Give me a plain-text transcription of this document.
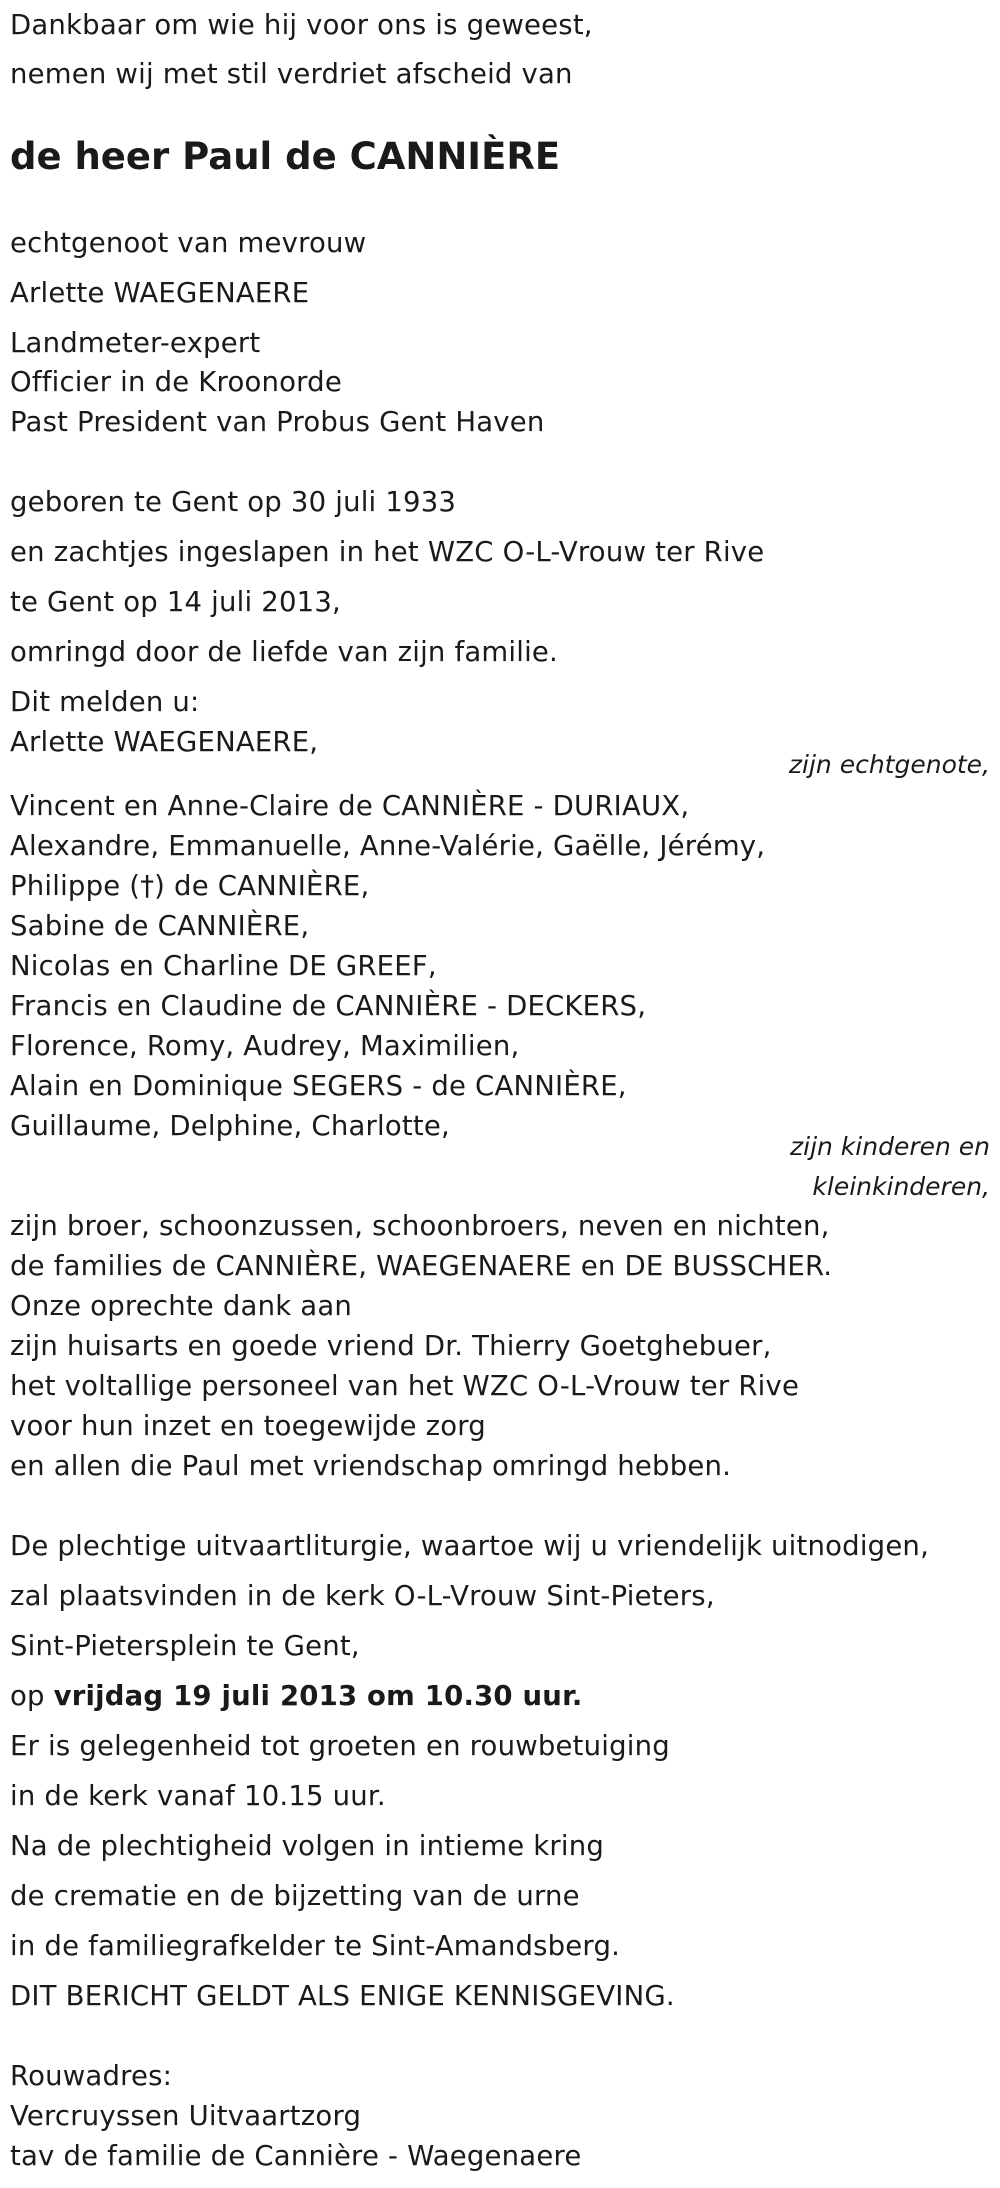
Dankbaar om wie hij voor ons is geweest,
nemen wij met stil verdriet afscheid van
de heer Paul de CANNIÈRE
echtgenoot van mevrouw
Arlette WAEGENAERE
Landmeter-expert
Officier in de Kroonorde
Past President van Probus Gent Haven
geboren te Gent op 30 juli 1933
en zachtjes ingeslapen in het WZC O-L-Vrouw ter Rive
te Gent op 14 juli 2013,
omringd door de liefde van zijn familie.
Dit melden u:
Arlette WAEGENAERE,
zijn echtgenote,
Vincent en Anne-Claire de CANNIÈRE - DURIAUX,
Alexandre, Emmanuelle, Anne-Valérie, Gaëlle, Jérémy,
Philippe (†) de CANNIÈRE,
Sabine de CANNIÈRE,
Nicolas en Charline DE GREEF,
Francis en Claudine de CANNIÈRE - DECKERS,
Florence, Romy, Audrey, Maximilien,
Alain en Dominique SEGERS - de CANNIÈRE,
Guillaume, Delphine, Charlotte,
zijn kinderen en
kleinkinderen,
zijn broer, schoonzussen, schoonbroers, neven en nichten,
de families de CANNIÈRE, WAEGENAERE en DE BUSSCHER.
Onze oprechte dank aan
zijn huisarts en goede vriend Dr. Thierry Goetghebuer,
het voltallige personeel van het WZC O-L-Vrouw ter Rive
voor hun inzet en toegewijde zorg
en allen die Paul met vriendschap omringd hebben.
De plechtige uitvaartliturgie, waartoe wij u vriendelijk uitnodigen,
zal plaatsvinden in de kerk O-L-Vrouw Sint-Pieters,
Sint-Pietersplein te Gent,
op vrijdag 19 juli 2013 om 10.30 uur.
Er is gelegenheid tot groeten en rouwbetuiging
in de kerk vanaf 10.15 uur.
Na de plechtigheid volgen in intieme kring
de crematie en de bijzetting van de urne
in de familiegrafkelder te Sint-Amandsberg.
DIT BERICHT GELDT ALS ENIGE KENNISGEVING.
Rouwadres:
Vercruyssen Uitvaartzorg
tav de familie de Cannière - Waegenaere
